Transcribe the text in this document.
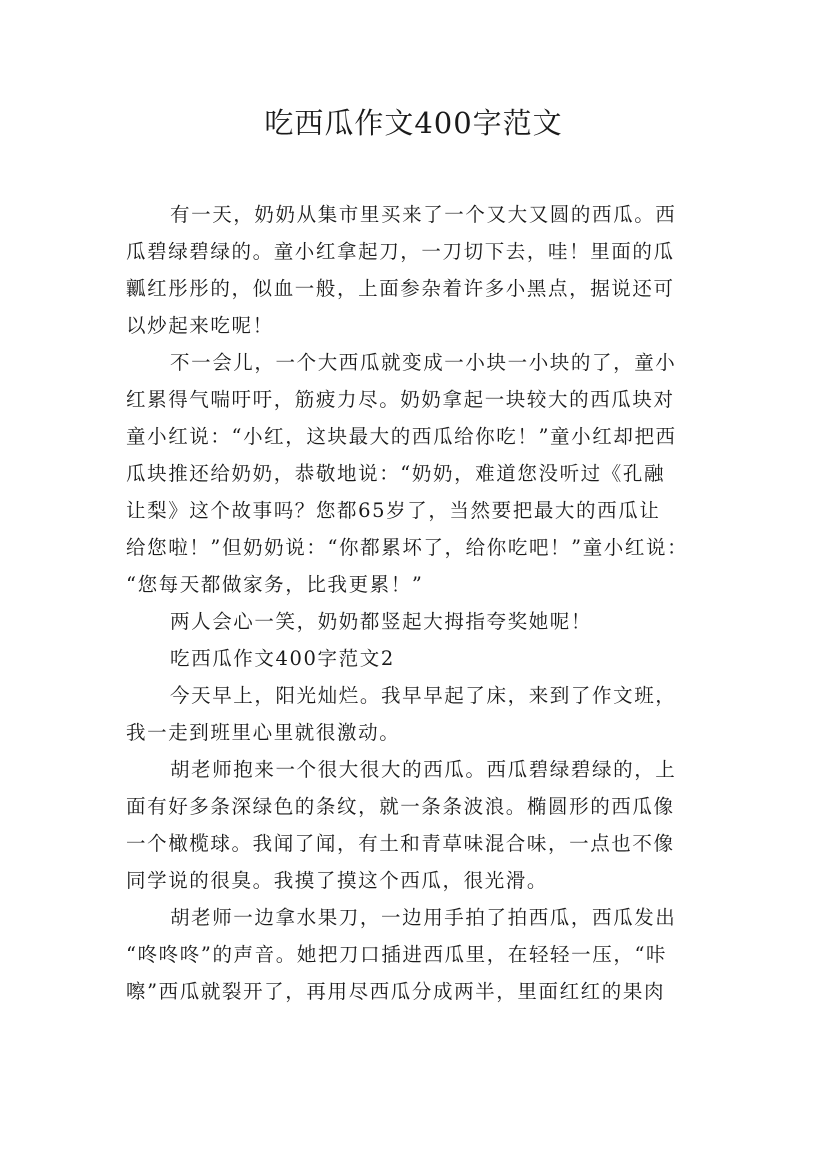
吃西瓜作文400字范文
有一天，奶奶从集市里买来了一个又大又圆的西瓜。西
瓜碧绿碧绿的。童小红拿起刀，一刀切下去，哇！里面的瓜
瓤红彤彤的，似血一般，上面参杂着许多小黑点，据说还可
以炒起来吃呢！
不一会儿，一个大西瓜就变成一小块一小块的了，童小
红累得气喘吁吁，筋疲力尽。奶奶拿起一块较大的西瓜块对
童小红说：“小红，这块最大的西瓜给你吃！”童小红却把西
瓜块推还给奶奶，恭敬地说：“奶奶，难道您没听过《孔融
让梨》这个故事吗？您都65岁了，当然要把最大的西瓜让
给您啦！”但奶奶说：“你都累坏了，给你吃吧！”童小红说：
“您每天都做家务，比我更累！”
两人会心一笑，奶奶都竖起大拇指夸奖她呢！
吃西瓜作文400字范文2
今天早上，阳光灿烂。我早早起了床，来到了作文班，
我一走到班里心里就很激动。
胡老师抱来一个很大很大的西瓜。西瓜碧绿碧绿的，上
面有好多条深绿色的条纹，就一条条波浪。椭圆形的西瓜像
一个橄榄球。我闻了闻，有土和青草味混合味，一点也不像
同学说的很臭。我摸了摸这个西瓜，很光滑。
胡老师一边拿水果刀，一边用手拍了拍西瓜，西瓜发出
“咚咚咚”的声音。她把刀口插进西瓜里，在轻轻一压，“咔
嚓”西瓜就裂开了，再用尽西瓜分成两半，里面红红的果肉
